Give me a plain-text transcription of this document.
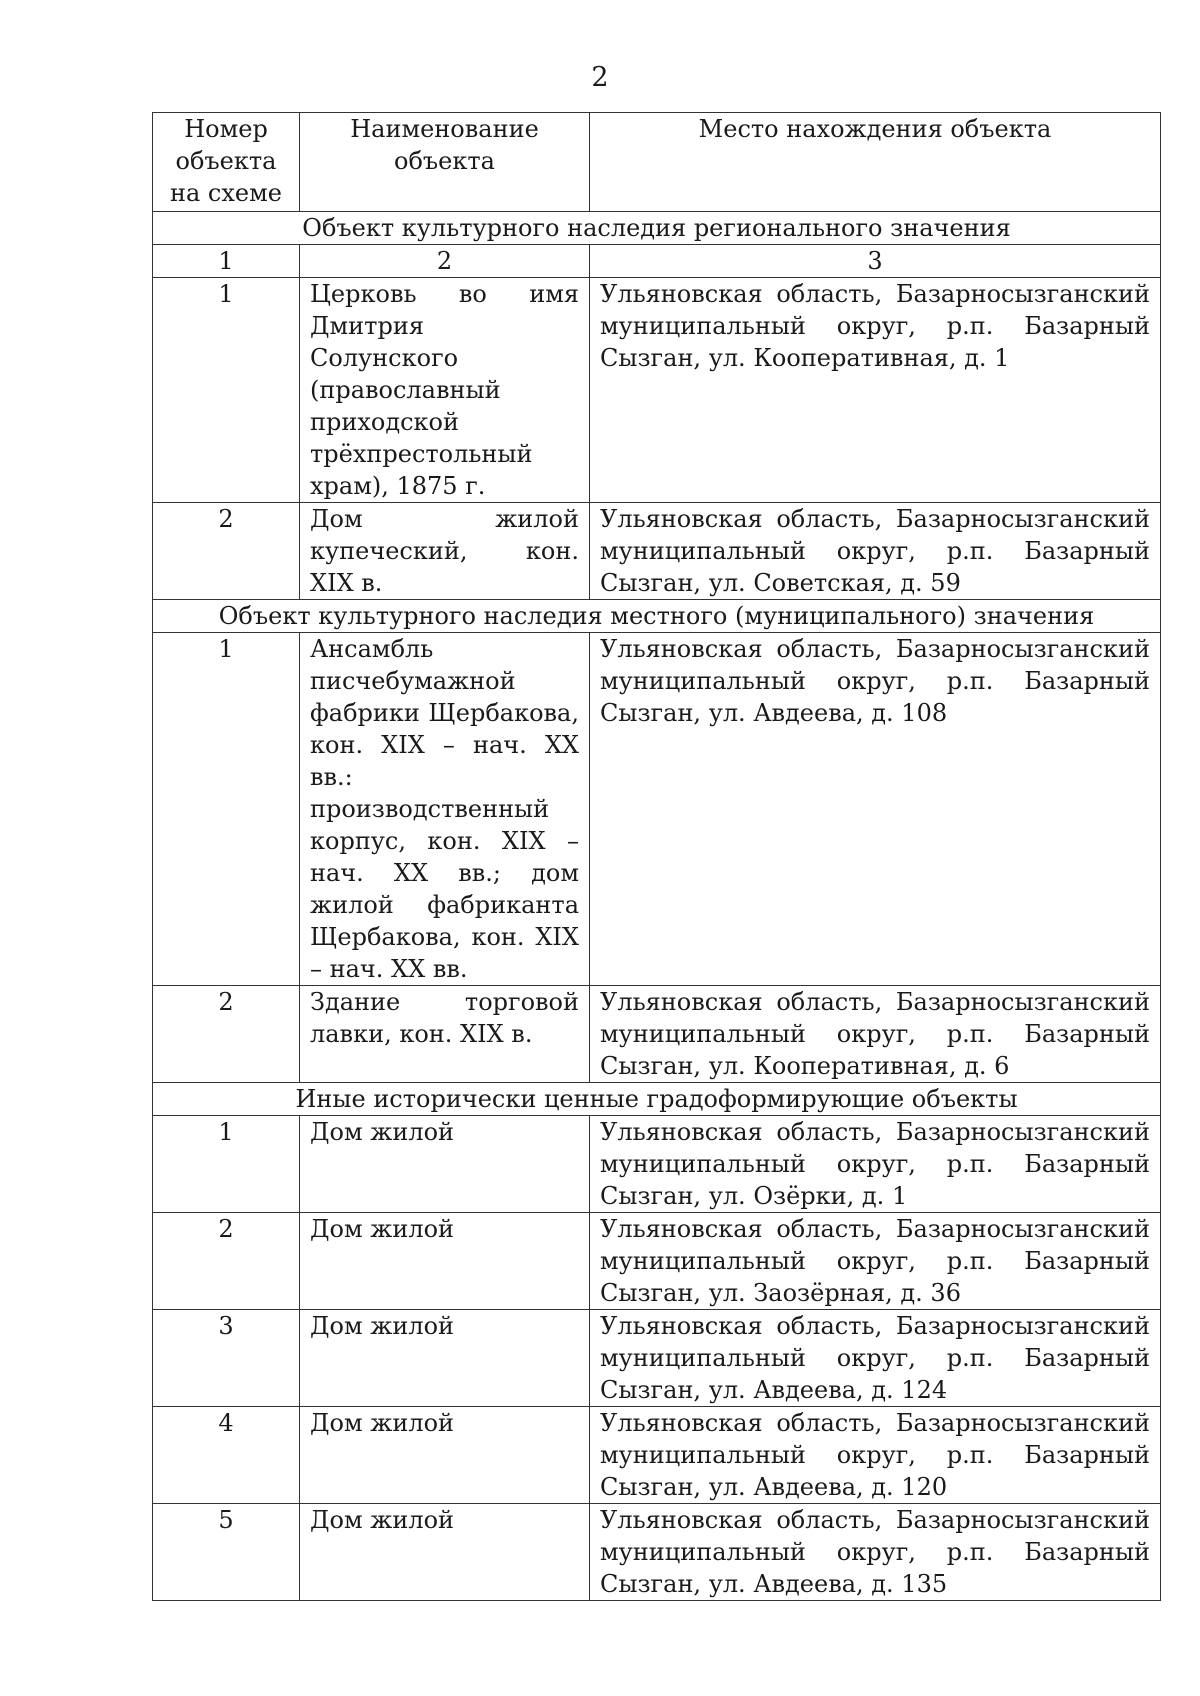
2
Номер объекта на схеме	Наименование объекта	Место нахождения объекта
Объект культурного наследия регионального значения		
1	2	3
1	Церковь во имя Дмитрия Солунского (православный приходской трёхпрестольный храм), 1875 г.	Ульяновская область, Базарносызганский муниципальный округ, р.п. Базарный Сызган, ул. Кооперативная, д. 1
2	Дом жилой купеческий, кон. XIX в.	Ульяновская область, Базарносызганский муниципальный округ, р.п. Базарный Сызган, ул. Советская, д. 59
Объект культурного наследия местного (муниципального) значения		
1	Ансамбль писчебумажной фабрики Щербакова, кон. XIX – нач. XX вв.: производственный корпус, кон. XIX – нач. XX вв.; дом жилой фабриканта Щербакова, кон. XIX – нач. XX вв.	Ульяновская область, Базарносызганский муниципальный округ, р.п. Базарный Сызган, ул. Авдеева, д. 108
2	Здание торговой лавки, кон. XIX в.	Ульяновская область, Базарносызганский муниципальный округ, р.п. Базарный Сызган, ул. Кооперативная, д. 6
Иные исторически ценные градоформирующие объекты		
1	Дом жилой	Ульяновская область, Базарносызганский муниципальный округ, р.п. Базарный Сызган, ул. Озёрки, д. 1
2	Дом жилой	Ульяновская область, Базарносызганский муниципальный округ, р.п. Базарный Сызган, ул. Заозёрная, д. 36
3	Дом жилой	Ульяновская область, Базарносызганский муниципальный округ, р.п. Базарный Сызган, ул. Авдеева, д. 124
4	Дом жилой	Ульяновская область, Базарносызганский муниципальный округ, р.п. Базарный Сызган, ул. Авдеева, д. 120
5	Дом жилой	Ульяновская область, Базарносызганский муниципальный округ, р.п. Базарный Сызган, ул. Авдеева, д. 135
